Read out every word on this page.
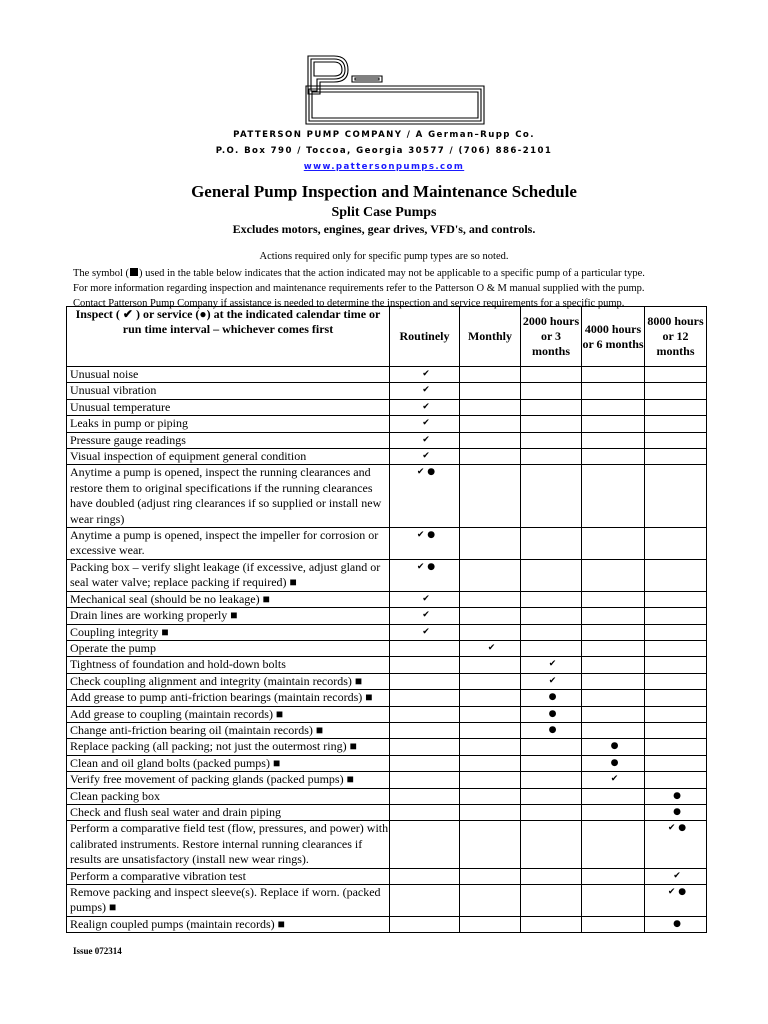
PATTERSON PUMP COMPANY / A German–Rupp Co.
P.O. Box 790 / Toccoa, Georgia 30577 / (706) 886-2101
www.pattersonpumps.com
General Pump Inspection and Maintenance Schedule
Split Case Pumps
Excludes motors, engines, gear drives, VFD's, and controls.
Actions required only for specific pump types are so noted.
The symbol ( ) used in the table below indicates that the action indicated may not be applicable to a specific pump of a particular type.
For more information regarding inspection and maintenance requirements refer to the Patterson O & M manual supplied with the pump.
Contact Patterson Pump Company if assistance is needed to determine the inspection and service requirements for a specific pump.
Inspect ( ✔ ) or service (●) at the indicated calendar time or run time interval – whichever comes first	Routinely	Monthly	2000 hours or 3 months	4000 hours or 6 months	8000 hours or 12 months
Unusual noise	✔				
Unusual vibration	✔				
Unusual temperature	✔				
Leaks in pump or piping	✔				
Pressure gauge readings	✔				
Visual inspection of equipment general condition	✔				
Anytime a pump is opened, inspect the running clearances and restore them to original specifications if the running clearances have doubled (adjust ring clearances if so supplied or install new wear rings)	✔ ●				
Anytime a pump is opened, inspect the impeller for corrosion or excessive wear.	✔ ●				
Packing box – verify slight leakage (if excessive, adjust gland or seal water valve; replace packing if required) ■	✔ ●				
Mechanical seal (should be no leakage) ■	✔				
Drain lines are working properly ■	✔				
Coupling integrity ■	✔				
Operate the pump		✔			
Tightness of foundation and hold-down bolts			✔		
Check coupling alignment and integrity (maintain records) ■			✔		
Add grease to pump anti-friction bearings (maintain records) ■			●		
Add grease to coupling (maintain records) ■			●		
Change anti-friction bearing oil (maintain records) ■			●		
Replace packing (all packing; not just the outermost ring) ■				●	
Clean and oil gland bolts (packed pumps) ■				●	
Verify free movement of packing glands (packed pumps) ■				✔	
Clean packing box					●
Check and flush seal water and drain piping					●
Perform a comparative field test (flow, pressures, and power) with calibrated instruments. Restore internal running clearances if results are unsatisfactory (install new wear rings).					✔ ●
Perform a comparative vibration test					✔
Remove packing and inspect sleeve(s). Replace if worn. (packed pumps) ■					✔ ●
Realign coupled pumps (maintain records) ■					●
Issue 072314
